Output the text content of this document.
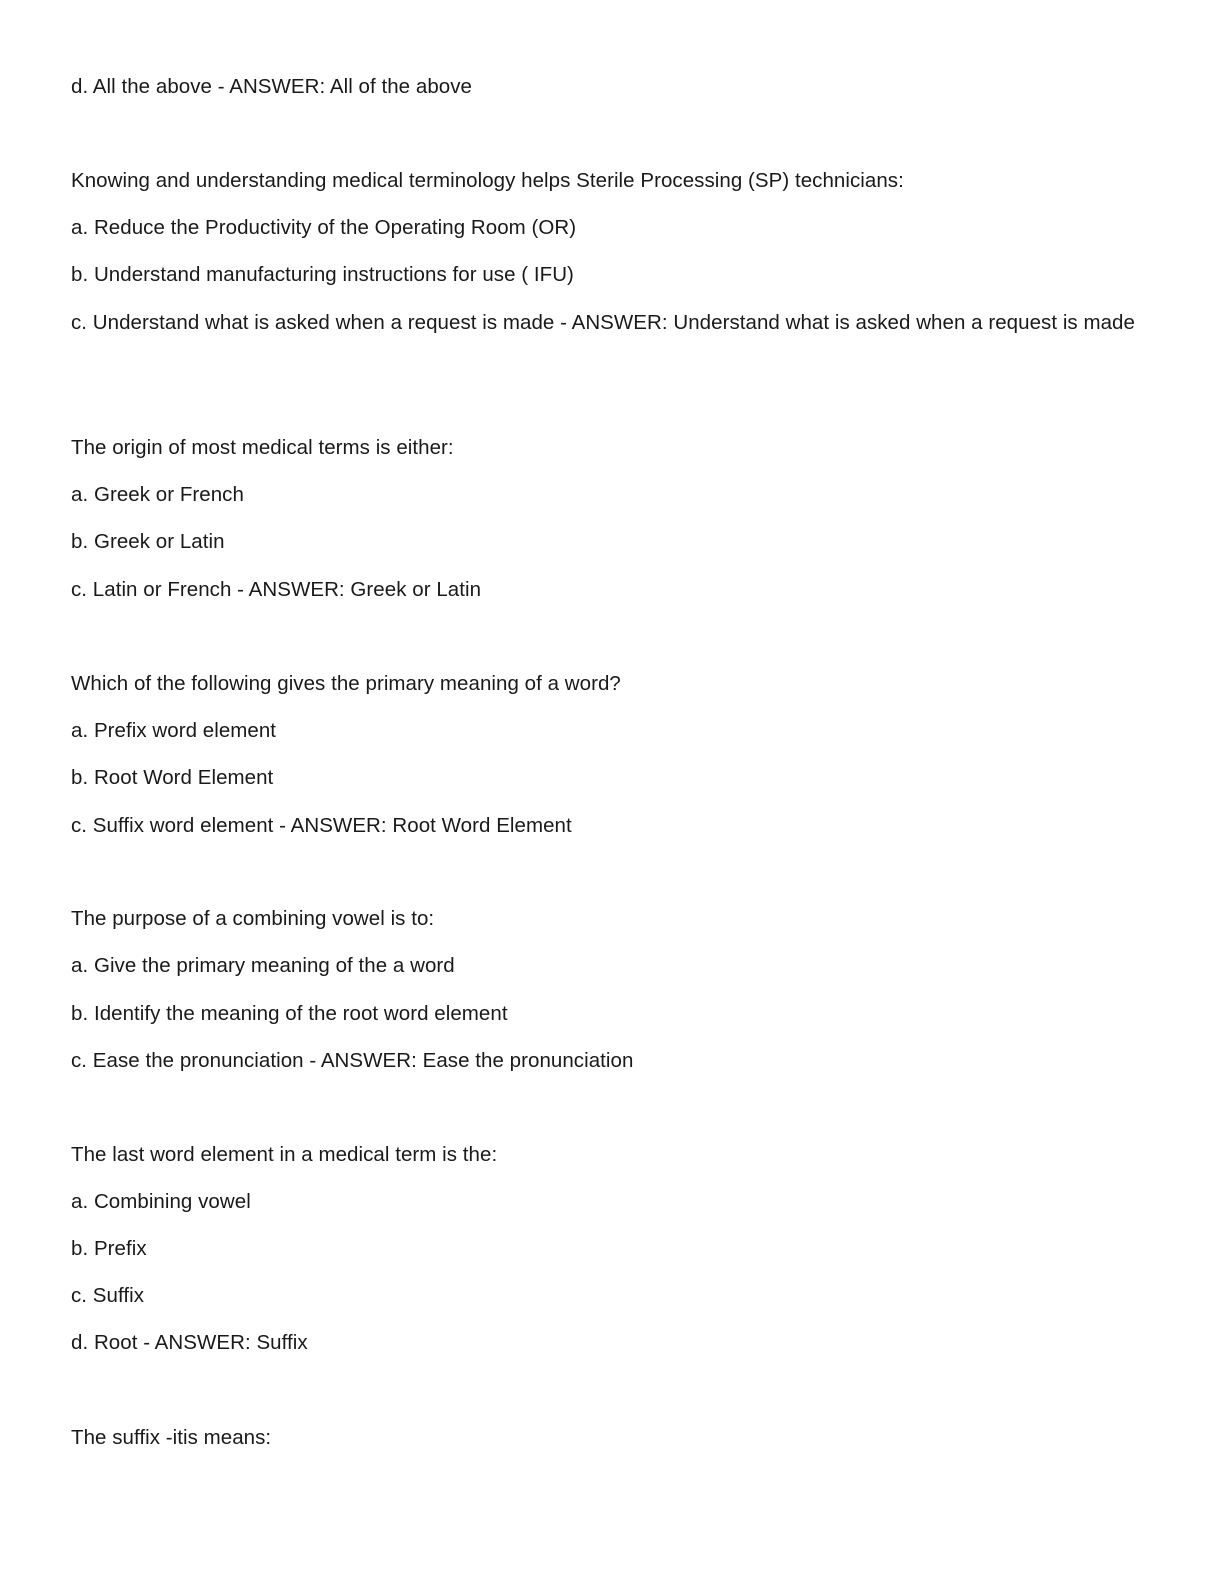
d. All the above - ANSWER: All of the above
Knowing and understanding medical terminology helps Sterile Processing (SP) technicians:
a. Reduce the Productivity of the Operating Room (OR)
b. Understand manufacturing instructions for use ( IFU)
c. Understand what is asked when a request is made - ANSWER: Understand what is asked when a request is made
The origin of most medical terms is either:
a. Greek or French
b. Greek or Latin
c. Latin or French - ANSWER: Greek or Latin
Which of the following gives the primary meaning of a word?
a. Prefix word element
b. Root Word Element
c. Suffix word element - ANSWER: Root Word Element
The purpose of a combining vowel is to:
a. Give the primary meaning of the a word
b. Identify the meaning of the root word element
c. Ease the pronunciation - ANSWER: Ease the pronunciation
The last word element in a medical term is the:
a. Combining vowel
b. Prefix
c. Suffix
d. Root - ANSWER: Suffix
The suffix -itis means:
